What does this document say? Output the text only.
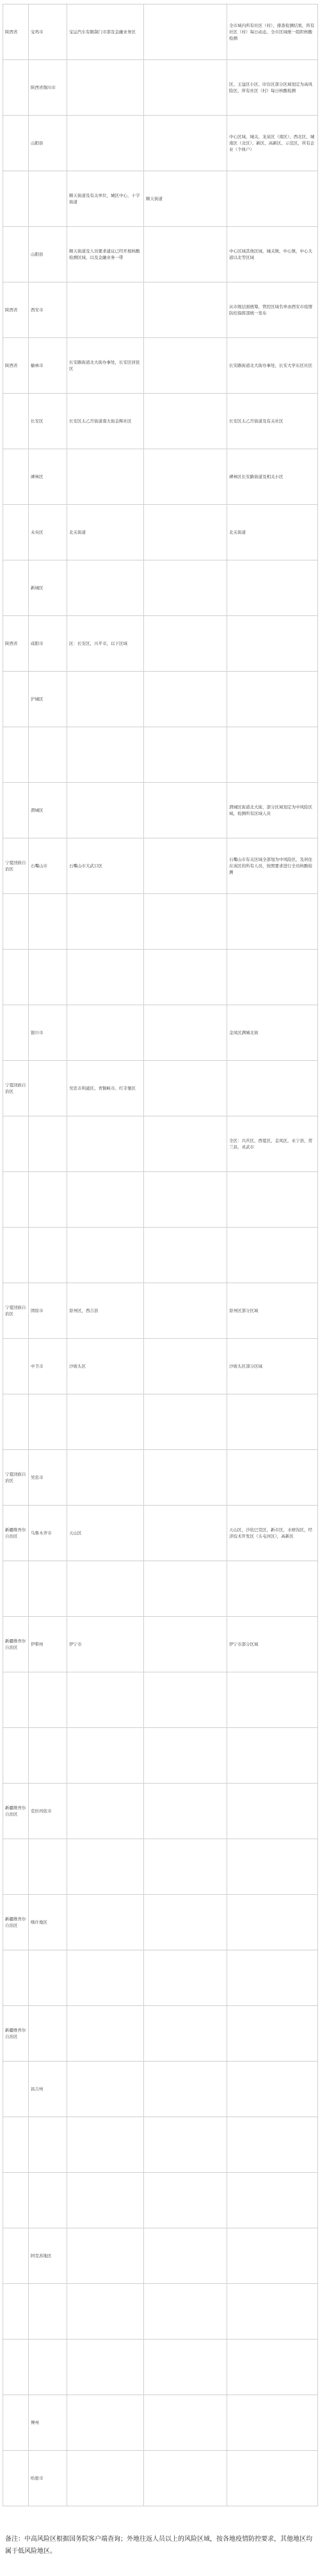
陕西省	宝鸡市	宝运汽车有限制门市部及金融业务区		全市域内所有社区（村），排查检测结果，所有社区（村）每日动态，全市区域统一组织核酸检测

	陕西省铜川市			区、王益区小区、印台区部分区域划定为高风险区，所有社区（村）每日核酸检测

	山阳县			中心区域、城关、龙泉区（南区）、西北区、城南区（北区）、新区、高新区、示范区，所有企业（个体户）

		顺天街道及有关单位，城区中心，十字街道	顺天街道	

	山阳县	顺天街道及人员要求建议已经开展核酸检测区域，以及金融业务一带		中心区域其他区域，城关镇，中心镇，中心大道以北等区域

陕西省	西安市			从市级层面统筹，管控区域名单由西安市疫情防控指挥部统一发布

陕西省	榆林市	长安路街道北大街办事处，长安区居民区		长安路街道北大街办事处，长安大学东区社区

	长安区	长安区太乙宫街道南大街金辉社区		长安区太乙宫街道及有关社区

	碑林区			碑林区长安路街道及相关小区

	未央区	北关街道		北关街道

	新城区			

陕西省	咸阳市	区：长安区，兴平市，以下区域		

	沪城区			

	渭城区			渭城区街道北大街，部分区域划定为中风险区域，检测所有区域人员

宁夏回族自治区	石嘴山市	石嘴山市大武口区		石嘴山市有关区域全部划为中风险区，及居住在该区的所有人员，按照要求进行全员核酸检测

	银川市			金凤区满城北街

宁夏回族自治区		吴忠市利通区、青铜峡市、红寺堡区		

				全区：兴庆区，西夏区，金凤区，永宁县，贺兰县，灵武市

宁夏回族自治区	固原市	原州区，西吉县		原州区部分区域

	中卫市	沙坡头区		沙坡头区部分区域

宁夏回族自治区	吴忠市			

新疆维吾尔自治区	乌鲁木齐市	天山区		天山区，沙依巴克区，新市区，水磨沟区，经济技术开发区（头屯河区），高新区

新疆维吾尔自治区	伊犁州	伊宁市		伊宁市部分区域

新疆维吾尔自治区	克拉玛依市			

新疆维吾尔自治区	喀什地区			

新疆维吾尔自治区				

	昌吉州			

	阿克苏地区			

	博州			

	哈密市			

备注：中高风险区根据国务院客户端查询；外地往返人员以上的风险区域，按各地疫情防控要求，其他地区均属于低风险地区。
